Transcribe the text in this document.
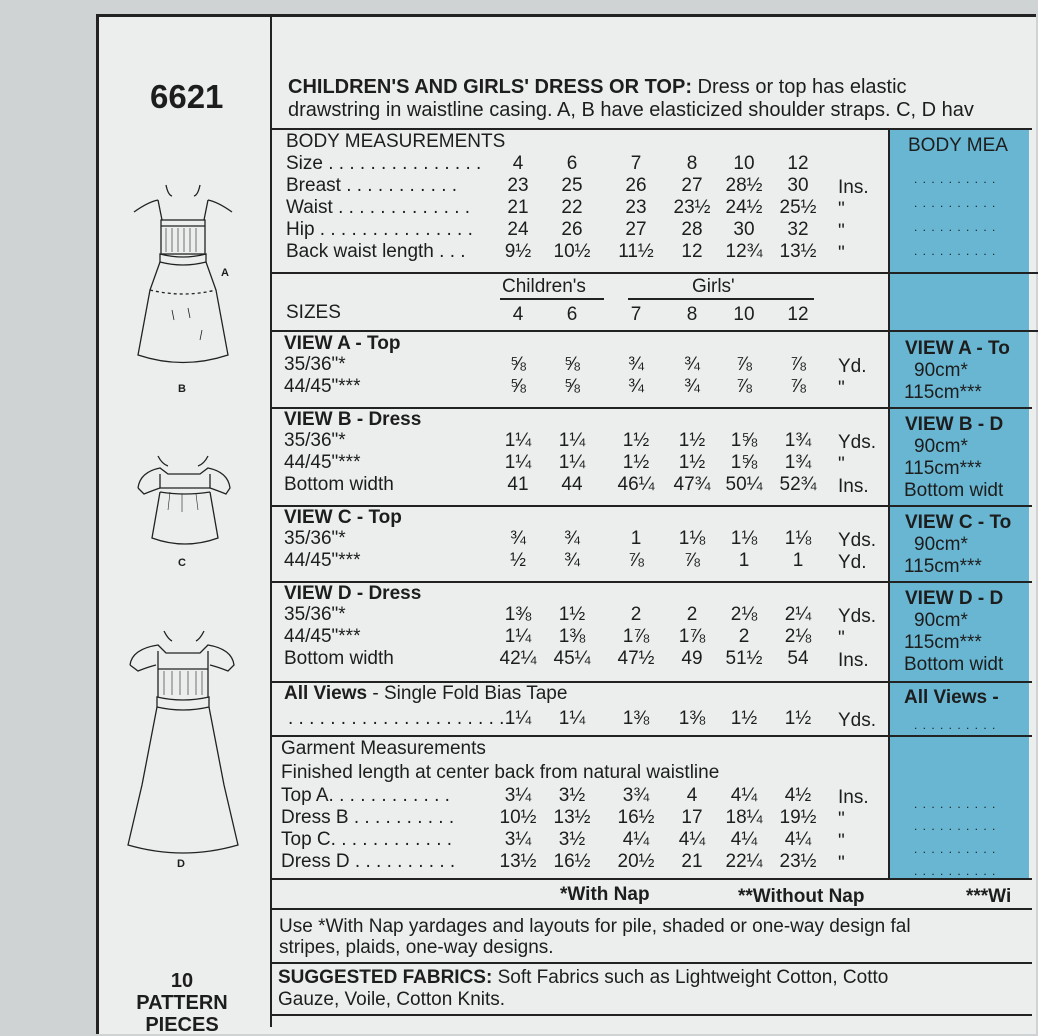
6621
A
B
C
D
10
PATTERN
PIECES
CHILDREN'S AND GIRLS' DRESS OR TOP: Dress or top has elastic
drawstring in waistline casing. A, B have elasticized shoulder straps. C, D hav
BODY MEASUREMENTS
Size . . . . . . . . . . . . . . .	4	6	7	8	10	12
Breast . . . . . . . . . . .	23	25	26	27	28½	30	Ins.
Waist . . . . . . . . . . . . .	21	22	23	23½ 24½ 25½	"
Hip . . . . . . . . . . . . . . .	24	26	27	28	30	32	"
Back waist length . . .	9½	10½	11½	12	12¾ 13½	"
Children's	Girls'
SIZES	4	6	7	8	10	12
VIEW A - Top
35/36"*	⅝	⅝	¾	¾	⅞	⅞	Yd.
44/45"***	⅝	⅝	¾	¾	⅞	⅞	"
VIEW B - Dress
35/36"*	1¼	1¼	1½	1½	1⅝	1¾	Yds.
44/45"***	1¼	1¼	1½	1½	1⅝	1¾	"
Bottom width	41	44	46¼	47¾ 50¼ 52¾	Ins.
VIEW C - Top
35/36"*	¾	¾	1	1⅛	1⅛	1⅛	Yds.
44/45"***	½	¾	⅞	⅞	1	1	Yd.
VIEW D - Dress
35/36"*	1⅜	1½	2	2	2⅛	2¼	Yds.
44/45"***	1¼	1⅜	1⅞	1⅞	2	2⅛	"
Bottom width	42¼ 45¼	47½	49	51½	54	Ins.
All Views - Single Fold Bias Tape
. . . . . . . . . . . . . . . . . . . . . 1¼	1¼	1⅜	1⅜	1½	1½	Yds.
Garment Measurements
Finished length at center back from natural waistline
Top A. . . . . . . . . . . .	3¼	3½	3¾	4	4¼	4½	Ins.
Dress B . . . . . . . . . .	10½ 13½	16½	17	18¼ 19½	"
Top C. . . . . . . . . . . .	3¼	3½	4¼	4¼	4¼	4¼	"
Dress D . . . . . . . . . .	13½ 16½	20½	21	22¼ 23½	"
*With Nap	**Without Nap	***Wi
Use *With Nap yardages and layouts for pile, shaded or one-way design fal
stripes, plaids, one-way designs.
SUGGESTED FABRICS: Soft Fabrics such as Lightweight Cotton, Cotto
Gauze, Voile, Cotton Knits.
BODY MEA
. . . . . . . . . .
. . . . . . . . . .
. . . . . . . . . .
. . . . . . . . . .
VIEW A - To
90cm*
115cm***
VIEW B - D
90cm*
115cm***
Bottom widt
VIEW C - To
90cm*
115cm***
VIEW D - D
90cm*
115cm***
Bottom widt
All Views -
. . . . . . . . . .
. . . . . . . . . .
. . . . . . . . . .
. . . . . . . . . .
. . . . . . . . . .
